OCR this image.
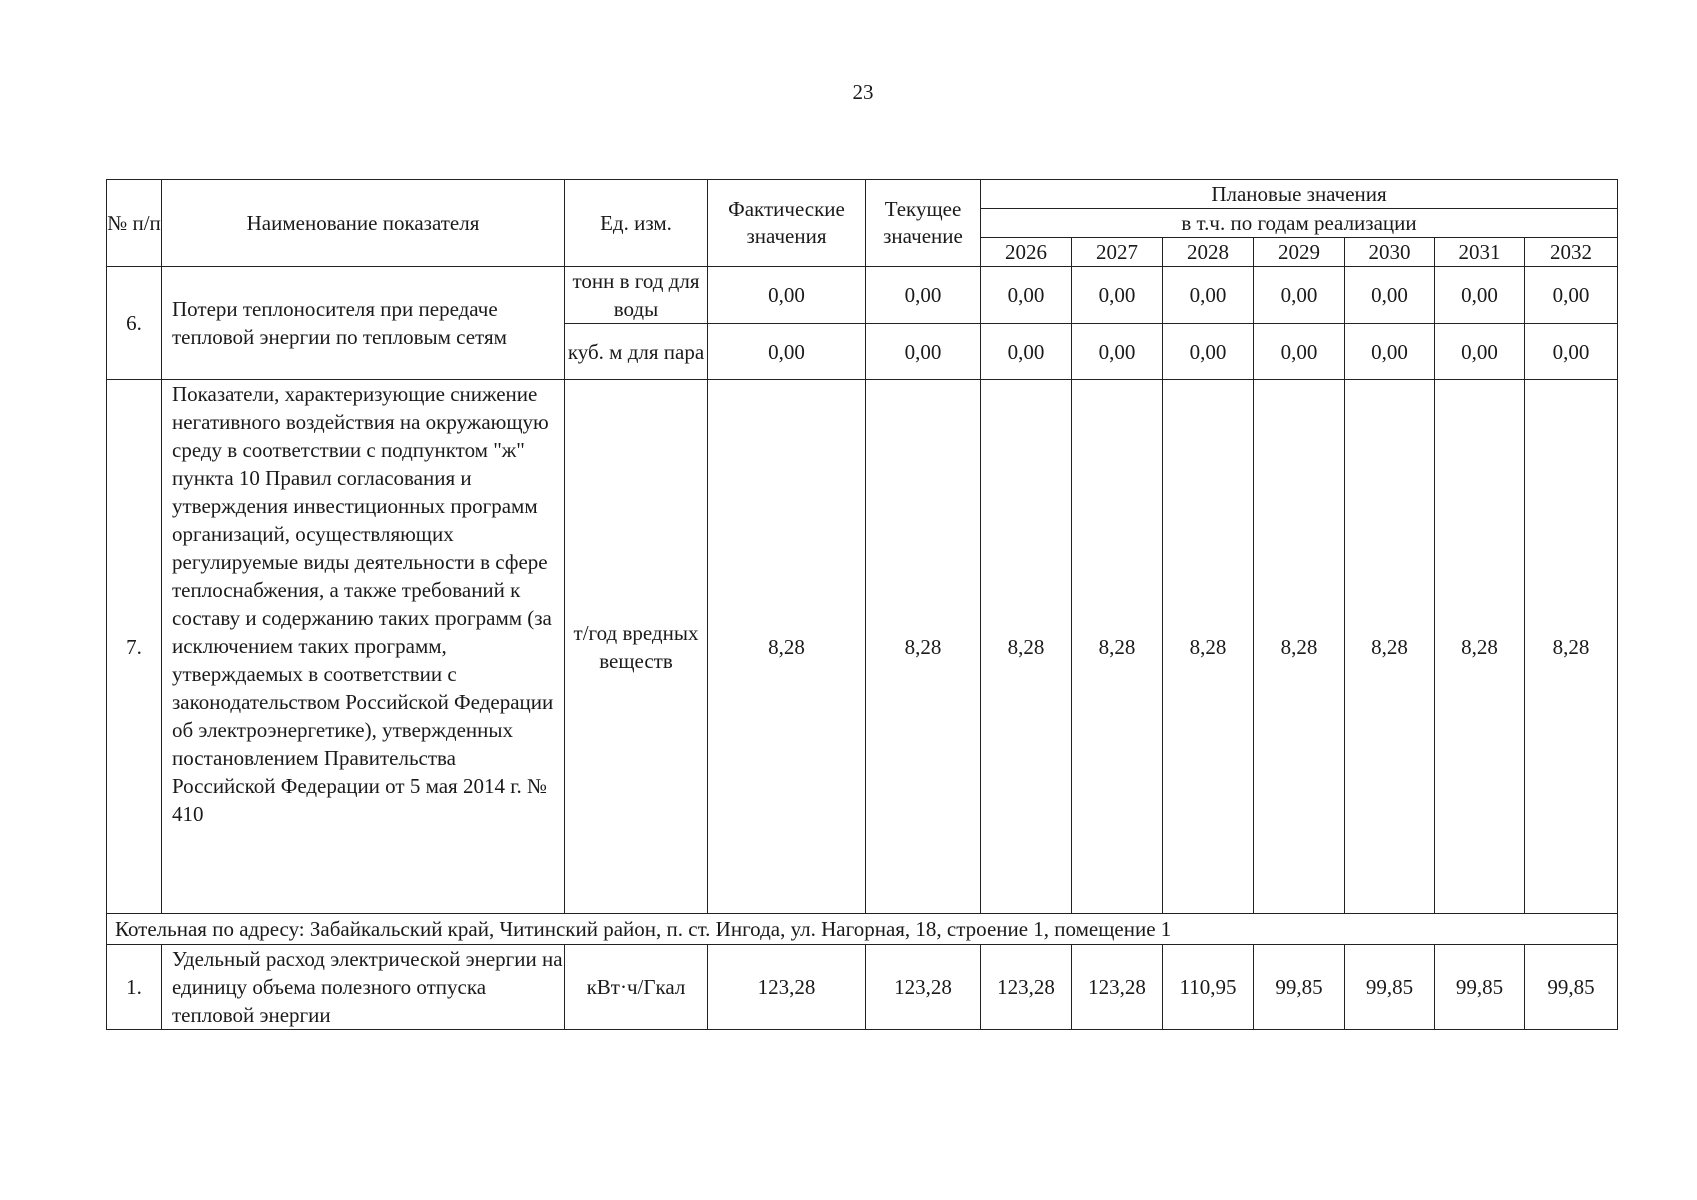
23
№ п/п	Наименование показателя	Ед. изм.	Фактические значения	Текущее значение	Плановые значения						
					в т.ч. по годам реализации						
					2026	2027	2028	2029	2030	2031	2032
6.	Потери теплоносителя при передаче тепловой энергии по тепловым сетям	тонн в год для воды	0,00	0,00	0,00	0,00	0,00	0,00	0,00	0,00	0,00
		куб. м для пара	0,00	0,00	0,00	0,00	0,00	0,00	0,00	0,00	0,00
7.	Показатели, характеризующие снижение негативного воздействия на окружающую среду в соответствии с подпунктом "ж" пункта 10 Правил согласования и утверждения инвестиционных программ организаций, осуществляющих регулируемые виды деятельности в сфере теплоснабжения, а также требований к составу и содержанию таких программ (за исключением таких программ, утверждаемых в соответствии с законодательством Российской Федерации об электроэнергетике), утвержденных постановлением Правительства Российской Федерации от 5 мая 2014 г. № 410	т/год вредных веществ	8,28	8,28	8,28	8,28	8,28	8,28	8,28	8,28	8,28
Котельная по адресу: Забайкальский край, Читинский район, п. ст. Ингода, ул. Нагорная, 18, строение 1, помещение 1											
1.	Удельный расход электрической энергии на единицу объема полезного отпуска тепловой энергии	кВт·ч/Гкал	123,28	123,28	123,28	123,28	110,95	99,85	99,85	99,85	99,85
